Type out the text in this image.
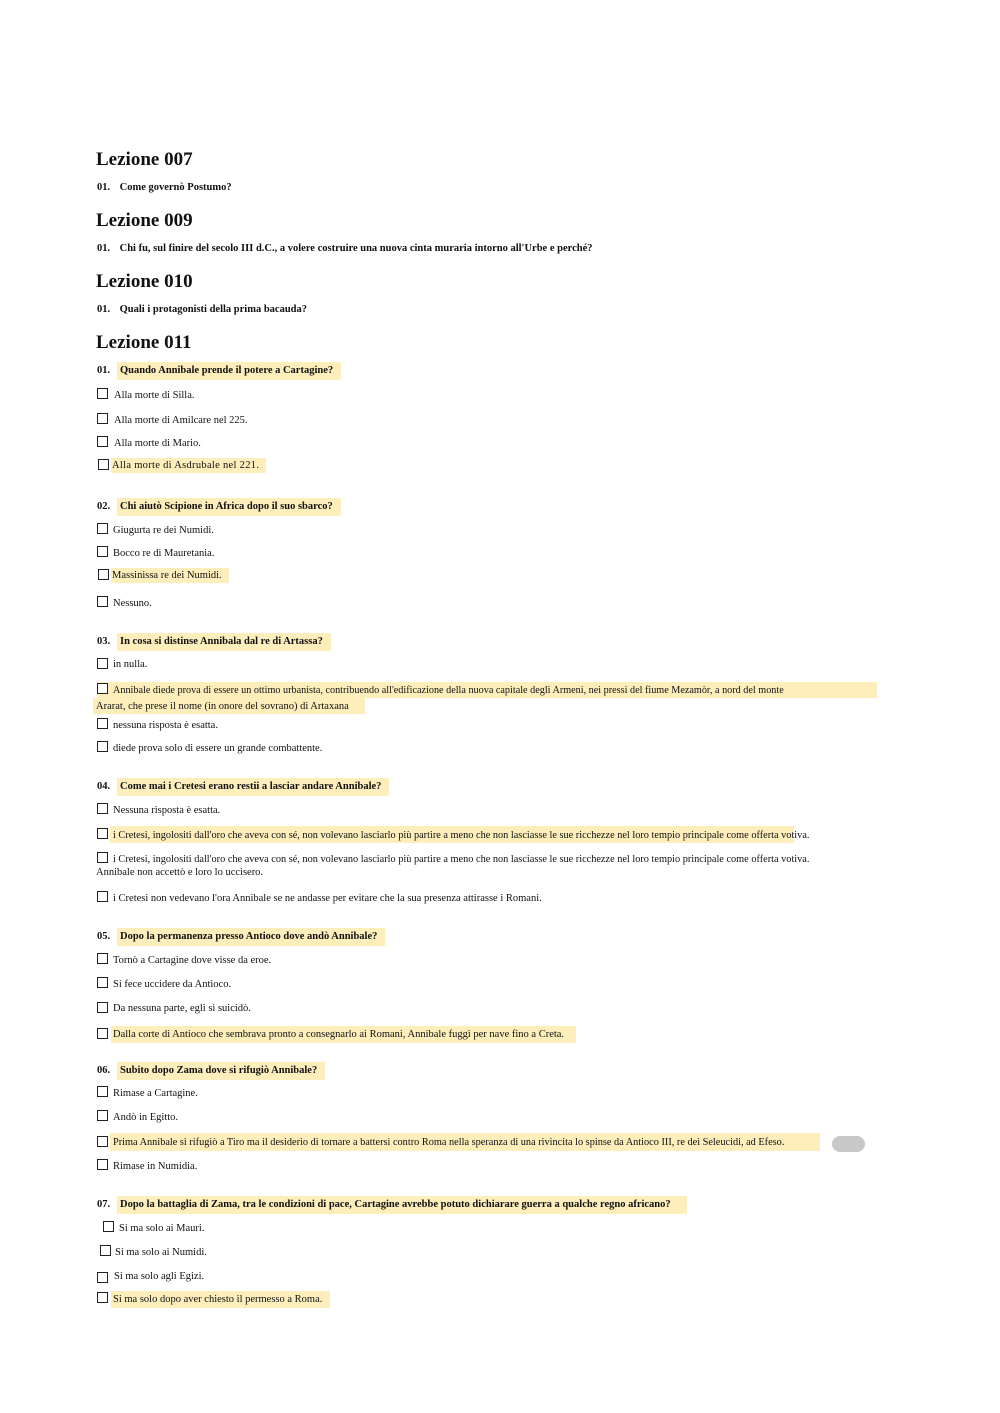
Lezione 007
01. Come governò Postumo?
Lezione 009
01. Chi fu, sul finire del secolo III d.C., a volere costruire una nuova cinta muraria intorno all'Urbe e perché?
Lezione 010
01. Quali i protagonisti della prima bacauda?
Lezione 011
01. Quando Annibale prende il potere a Cartagine?
Alla morte di Silla.
Alla morte di Amilcare nel 225.
Alla morte di Mario.
Alla morte di Asdrubale nel 221.
02. Chi aiutò Scipione in Africa dopo il suo sbarco?
Giugurta re dei Numidi.
Bocco re di Mauretania.
Massinissa re dei Numidi.
Nessuno.
03. In cosa si distinse Annibala dal re di Artassa?
in nulla.
Annibale diede prova di essere un ottimo urbanista, contribuendo all'edificazione della nuova capitale degli Armeni, nei pressi del fiume Mezamòr, a nord del monte
Ararat, che prese il nome (in onore del sovrano) di Artaxana
nessuna risposta è esatta.
diede prova solo di essere un grande combattente.
04. Come mai i Cretesi erano restii a lasciar andare Annibale?
Nessuna risposta è esatta.
i Cretesi, ingolositi dall'oro che aveva con sé, non volevano lasciarlo più partire a meno che non lasciasse le sue ricchezze nel loro tempio principale come offerta votiva.
i Cretesi, ingolositi dall'oro che aveva con sé, non volevano lasciarlo più partire a meno che non lasciasse le sue ricchezze nel loro tempio principale come offerta votiva.
Annibale non accettò e loro lo uccisero.
i Cretesi non vedevano l'ora Annibale se ne andasse per evitare che la sua presenza attirasse i Romani.
05. Dopo la permanenza presso Antioco dove andò Annibale?
Tornò a Cartagine dove visse da eroe.
Si fece uccidere da Antioco.
Da nessuna parte, egli si suicidò.
Dalla corte di Antioco che sembrava pronto a consegnarlo ai Romani, Annibale fuggì per nave fino a Creta.
06. Subito dopo Zama dove si rifugiò Annibale?
Rimase a Cartagine.
Andò in Egitto.
Prima Annibale si rifugiò a Tiro ma il desiderio di tornare a battersi contro Roma nella speranza di una rivincita lo spinse da Antioco III, re dei Seleucidi, ad Efeso.
Rimase in Numidia.
07. Dopo la battaglia di Zama, tra le condizioni di pace, Cartagine avrebbe potuto dichiarare guerra a qualche regno africano?
Si ma solo ai Mauri.
Si ma solo ai Numidi.
Si ma solo agli Egizi.
Si ma solo dopo aver chiesto il permesso a Roma.
